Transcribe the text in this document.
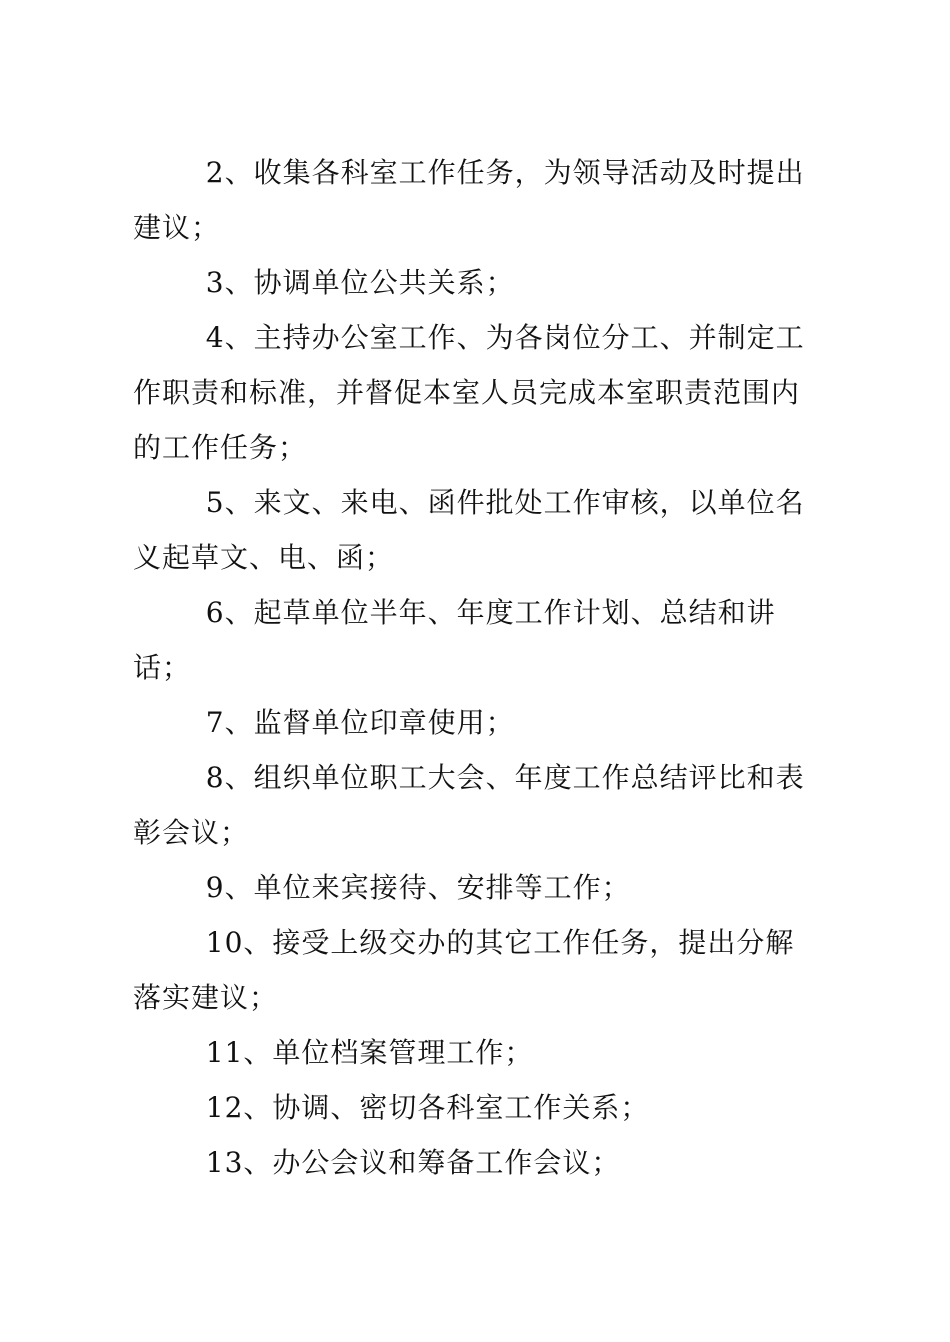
2、收集各科室工作任务，为领导活动及时提出建议；

3、协调单位公共关系；

4、主持办公室工作、为各岗位分工、并制定工作职责和标准，并督促本室人员完成本室职责范围内的工作任务；

5、来文、来电、函件批处工作审核，以单位名义起草文、电、函；

6、起草单位半年、年度工作计划、总结和讲话；

7、监督单位印章使用；

8、组织单位职工大会、年度工作总结评比和表彰会议；

9、单位来宾接待、安排等工作；

10、接受上级交办的其它工作任务，提出分解落实建议；

11、单位档案管理工作；

12、协调、密切各科室工作关系；

13、办公会议和筹备工作会议；
